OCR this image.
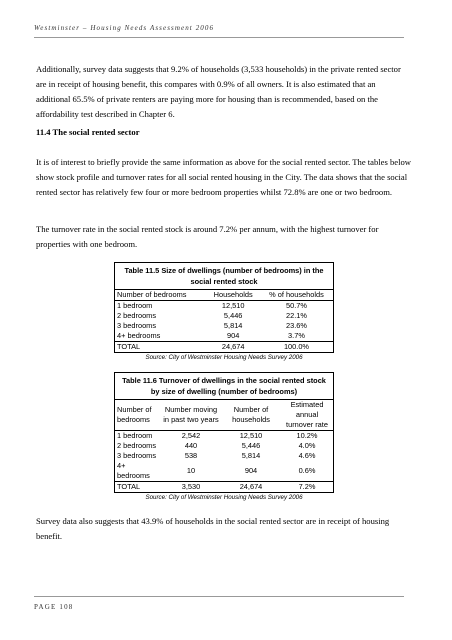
Westminster – Housing Needs Assessment 2006
Additionally, survey data suggests that 9.2% of households (3,533 households) in the private rented sector are in receipt of housing benefit, this compares with 0.9% of all owners. It is also estimated that an additional 65.5% of private renters are paying more for housing than is recommended, based on the affordability test described in Chapter 6.
11.4 The social rented sector
It is of interest to briefly provide the same information as above for the social rented sector. The tables below show stock profile and turnover rates for all social rented housing in the City. The data shows that the social rented sector has relatively few four or more bedroom properties whilst 72.8% are one or two bedroom.
The turnover rate in the social rented stock is around 7.2% per annum, with the highest turnover for properties with one bedroom.
Table 11.5 Size of dwellings (number of bedrooms) in the social rented stock
Number of bedrooms	Households	% of households
1 bedroom	12,510	50.7%
2 bedrooms	5,446	22.1%
3 bedrooms	5,814	23.6%
4+ bedrooms	904	3.7%
TOTAL	24,674	100.0%
Source: City of Westminster Housing Needs Survey 2006
Table 11.6 Turnover of dwellings in the social rented stock by size of dwelling (number of bedrooms)
Number of bedrooms	Number moving in past two years	Number of households	Estimated annual turnover rate
1 bedroom	2,542	12,510	10.2%
2 bedrooms	440	5,446	4.0%
3 bedrooms	538	5,814	4.6%
4+ bedrooms	10	904	0.6%
TOTAL	3,530	24,674	7.2%
Source: City of Westminster Housing Needs Survey 2006
Survey data also suggests that 43.9% of households in the social rented sector are in receipt of housing benefit.
PAGE 108
